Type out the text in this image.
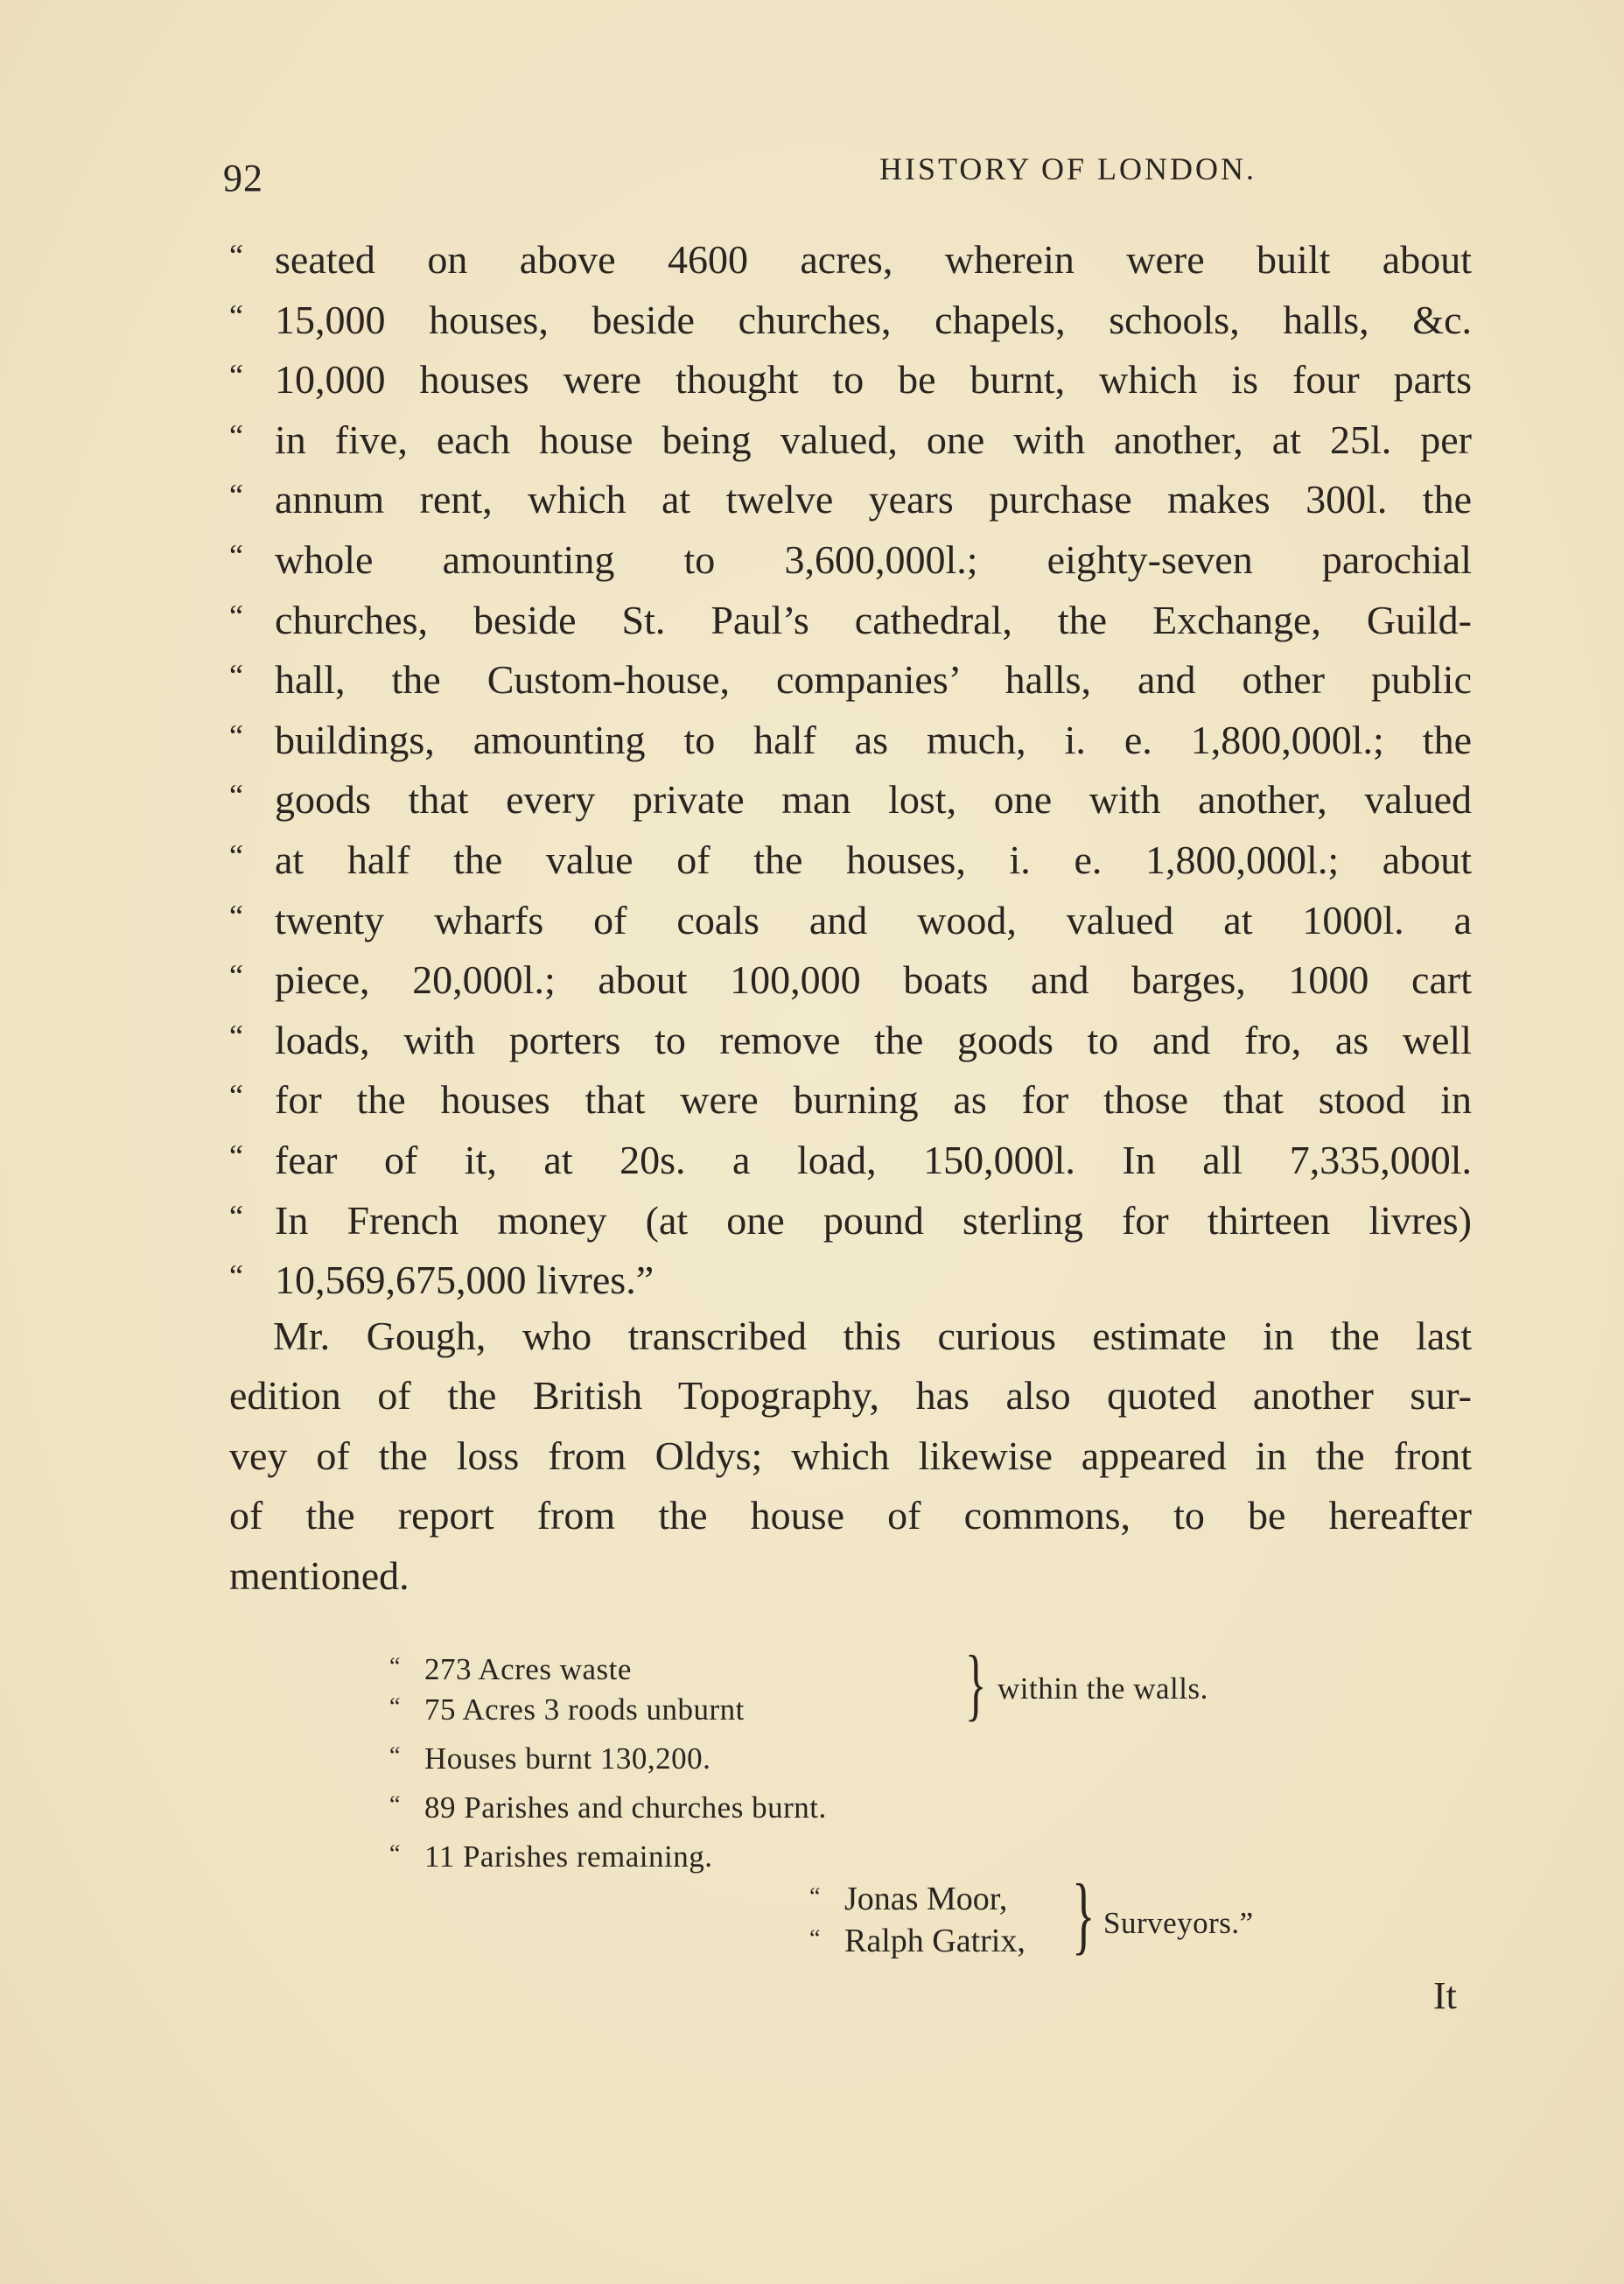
92	HISTORY OF LONDON.
“ seated on above 4600 acres, wherein were built about
“ 15,000 houses, beside churches, chapels, schools, halls, &c.
“ 10,000 houses were thought to be burnt, which is four parts
“ in five, each house being valued, one with another, at 25l. per
“ annum rent, which at twelve years purchase makes 300l. the
“ whole amounting to 3,600,000l.; eighty-seven parochial
“ churches, beside St. Paul’s cathedral, the Exchange, Guild-
“ hall, the Custom-house, companies’ halls, and other public
“ buildings, amounting to half as much, i. e. 1,800,000l.; the
“ goods that every private man lost, one with another, valued
“ at half the value of the houses, i. e. 1,800,000l.; about
“ twenty wharfs of coals and wood, valued at 1000l. a
“ piece, 20,000l.; about 100,000 boats and barges, 1000 cart
“ loads, with porters to remove the goods to and fro, as well
“ for the houses that were burning as for those that stood in
“ fear of it, at 20s. a load, 150,000l. In all 7,335,000l.
“ In French money (at one pound sterling for thirteen livres)
“ 10,569,675,000 livres.”
Mr. Gough, who transcribed this curious estimate in the last
edition of the British Topography, has also quoted another sur-
vey of the loss from Oldys; which likewise appeared in the front
of the report from the house of commons, to be hereafter
mentioned.
“ 273 Acres waste
“ 75 Acres 3 roods unburnt	} within the walls.
“ Houses burnt 130,200.
“ 89 Parishes and churches burnt.
“ 11 Parishes remaining.
“ Jonas Moor,
“ Ralph Gatrix, } Surveyors.”
It
